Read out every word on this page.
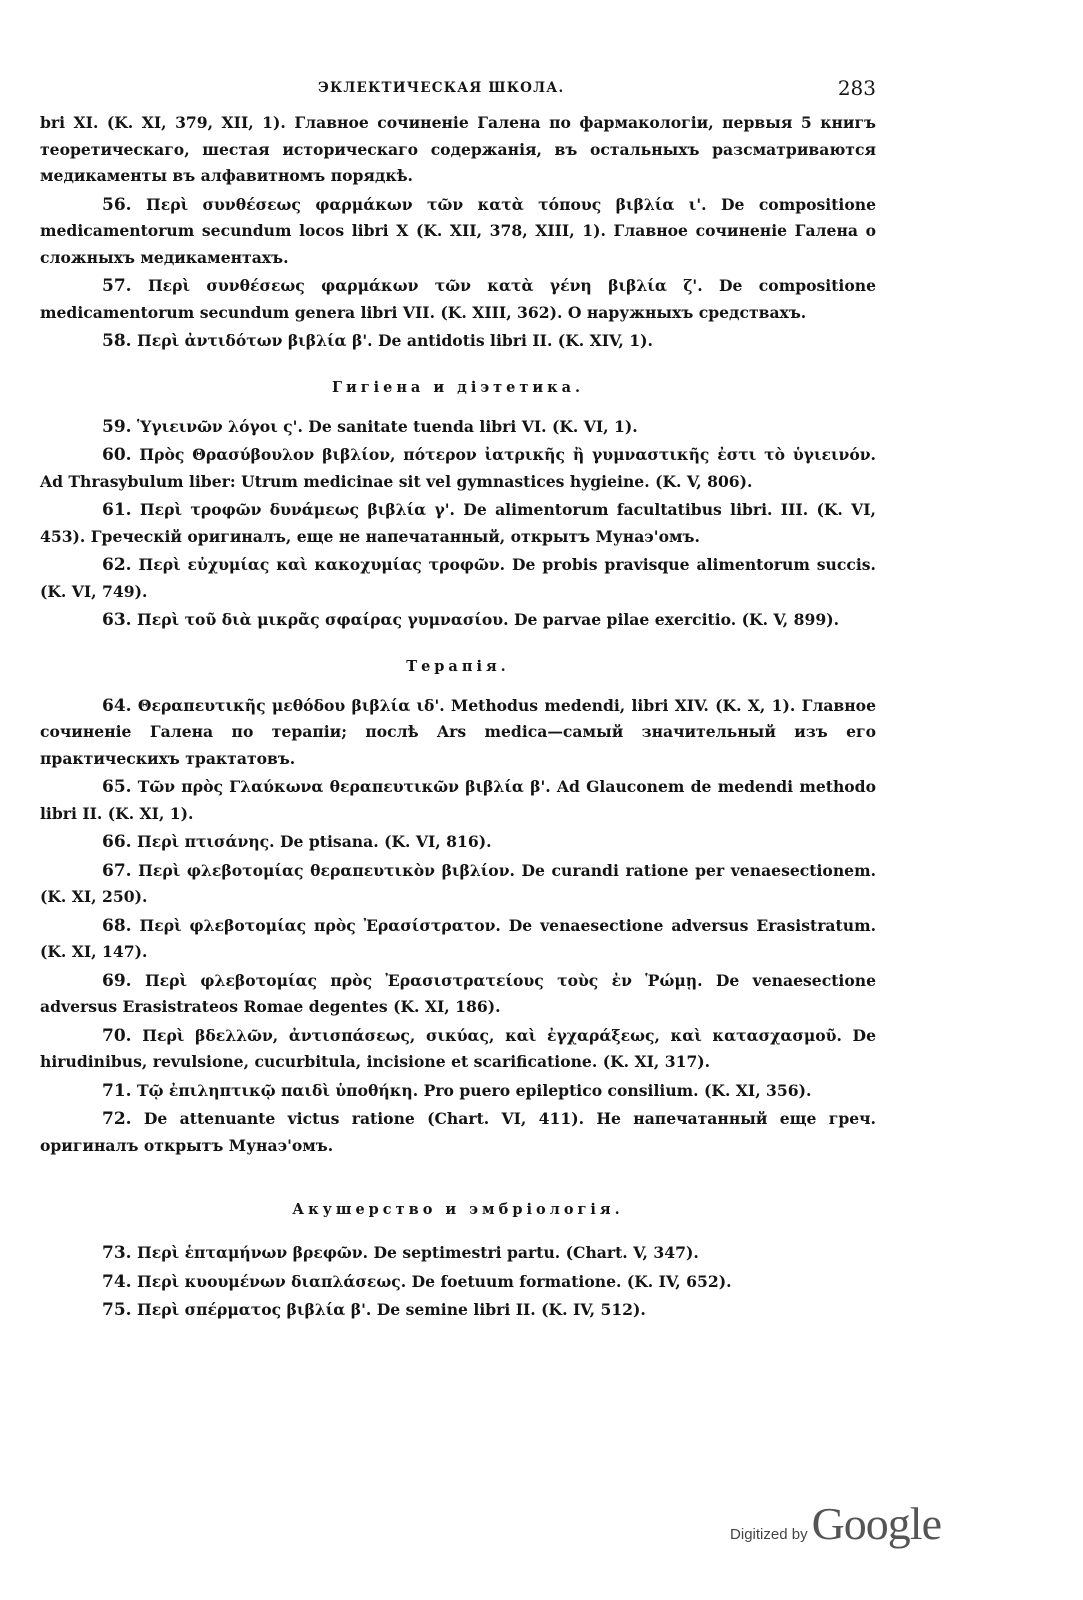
ЭКЛЕКТИЧЕСКАЯ ШКОЛА.	283

bri XI. (K. XI, 379, XII, 1). Главное сочиненіе Галена по фармакологіи, первыя 5 книгъ теоретическаго, шестая историческаго содержанія, въ остальныхъ разсматриваются медикаменты въ алфавитномъ порядкѣ.

56. Περὶ συνθέσεως φαρμάκων τῶν κατὰ τόπους βιβλία ι'. De compositione medicamentorum secundum locos libri X (K. XII, 378, XIII, 1). Главное сочиненіе Галена о сложныхъ медикаментахъ.

57. Περὶ συνθέσεως φαρμάκων τῶν κατὰ γένη βιβλία ζ'. De compositione medicamentorum secundum genera libri VII. (K. XIII, 362). О наружныхъ средствахъ.

58. Περὶ ἀντιδότων βιβλία β'. De antidotis libri II. (K. XIV, 1).

Гигіена и діэтетика.

59. Ὑγιεινῶν λόγοι ς'. De sanitate tuenda libri VI. (K. VI, 1).

60. Πρὸς Θρασύβουλον βιβλίον, πότερον ἰατρικῆς ἢ γυμναστικῆς ἐστι τὸ ὑγιεινόν. Ad Thrasybulum liber: Utrum medicinae sit vel gymnastices hygieine. (K. V, 806).

61. Περὶ τροφῶν δυνάμεως βιβλία γ'. De alimentorum facultatibus libri. III. (K. VI, 453). Греческій оригиналъ, еще не напечатанный, открытъ Мунаэ'омъ.

62. Περὶ εὐχυμίας καὶ κακοχυμίας τροφῶν. De probis pravisque alimentorum succis. (K. VI, 749).

63. Περὶ τοῦ διὰ μικρᾶς σφαίρας γυμνασίου. De parvae pilae exercitio. (K. V, 899).

Терапія.

64. Θεραπευτικῆς μεθόδου βιβλία ιδ'. Methodus medendi, libri XIV. (K. X, 1). Главное сочиненіе Галена по терапіи; послѣ Ars medica—самый значительный изъ его практическихъ трактатовъ.

65. Τῶν πρὸς Γλαύκωνα θεραπευτικῶν βιβλία β'. Ad Glauconem de medendi methodo libri II. (K. XI, 1).

66. Περὶ πτισάνης. De ptisana. (K. VI, 816).

67. Περὶ φλεβοτομίας θεραπευτικὸν βιβλίον. De curandi ratione per venaesectionem. (K. XI, 250).

68. Περὶ φλεβοτομίας πρὸς Ἐρασίστρατον. De venaesectione adversus Erasistratum. (K. XI, 147).

69. Περὶ φλεβοτομίας πρὸς Ἐρασιστρατείους τοὺς ἐν Ῥώμῃ. De venaesectione adversus Erasistrateos Romae degentes (K. XI, 186).

70. Περὶ βδελλῶν, ἀντισπάσεως, σικύας, καὶ ἐγχαράξεως, καὶ κατασχασμοῦ. De hirudinibus, revulsione, cucurbitula, incisione et scarificatione. (K. XI, 317).

71. Τῷ ἐπιληπτικῷ παιδὶ ὑποθήκη. Pro puero epileptico consilium. (K. XI, 356).

72. De attenuante victus ratione (Chart. VI, 411). Не напечатанный еще греч. оригиналъ открытъ Мунаэ'омъ.

Акушерство и эмбріологія.

73. Περὶ ἑπταμήνων βρεφῶν. De septimestri partu. (Chart. V, 347).

74. Περὶ κυουμένων διαπλάσεως. De foetuum formatione. (K. IV, 652).

75. Περὶ σπέρματος βιβλία β'. De semine libri II. (K. IV, 512).

Digitized by Google
